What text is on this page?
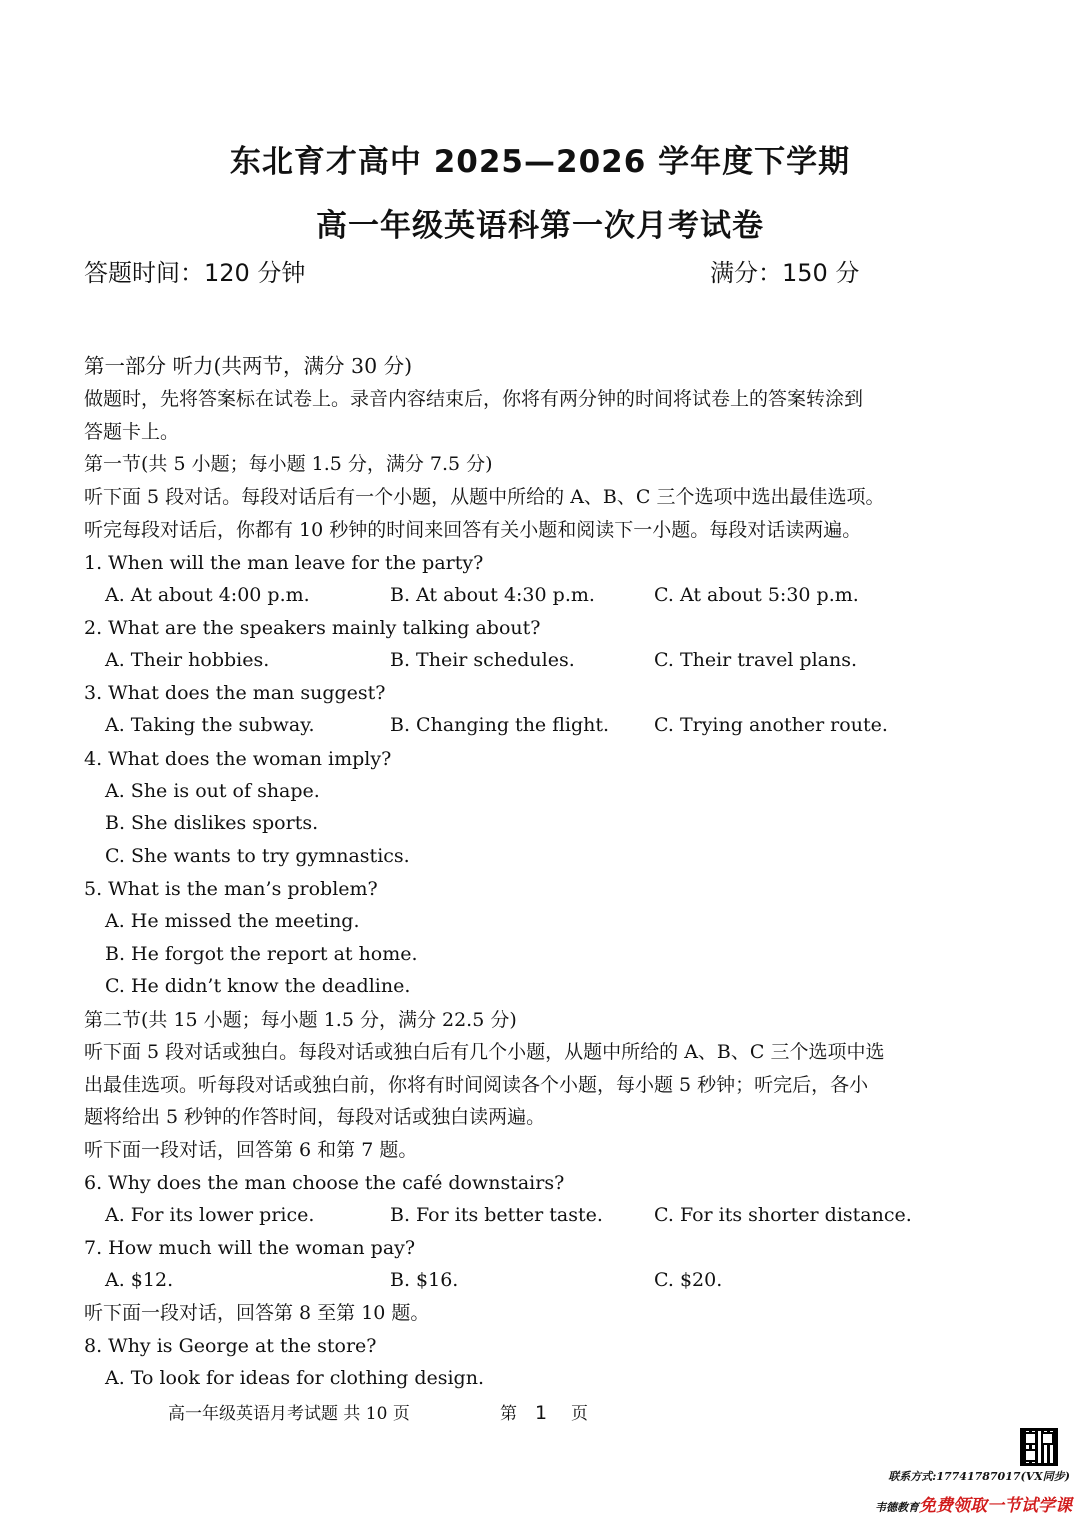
东北育才高中 2025—2026 学年度下学期
高一年级英语科第一次月考试卷
答题时间：120 分钟	满分：150 分
第一部分 听力(共两节，满分 30 分)
做题时，先将答案标在试卷上。录音内容结束后，你将有两分钟的时间将试卷上的答案转涂到
答题卡上。
第一节(共 5 小题；每小题 1.5 分，满分 7.5 分)
听下面 5 段对话。每段对话后有一个小题，从题中所给的 A、B、C 三个选项中选出最佳选项。
听完每段对话后，你都有 10 秒钟的时间来回答有关小题和阅读下一小题。每段对话读两遍。
1. When will the man leave for the party?
A. At about 4:00 p.m.	B. At about 4:30 p.m.	C. At about 5:30 p.m.
2. What are the speakers mainly talking about?
A. Their hobbies.	B. Their schedules.	C. Their travel plans.
3. What does the man suggest?
A. Taking the subway.	B. Changing the flight. C. Trying another route.
4. What does the woman imply?
A. She is out of shape.
B. She dislikes sports.
C. She wants to try gymnastics.
5. What is the man’s problem?
A. He missed the meeting.
B. He forgot the report at home.
C. He didn’t know the deadline.
第二节(共 15 小题；每小题 1.5 分，满分 22.5 分)
听下面 5 段对话或独白。每段对话或独白后有几个小题，从题中所给的 A、B、C 三个选项中选
出最佳选项。听每段对话或独白前，你将有时间阅读各个小题，每小题 5 秒钟；听完后，各小
题将给出 5 秒钟的作答时间，每段对话或独白读两遍。
听下面一段对话，回答第 6 和第 7 题。
6. Why does the man choose the café downstairs?
A. For its lower price.	B. For its better taste.	C. For its shorter distance.
7. How much will the woman pay?
A. $12.	B. $16.	C. $20.
听下面一段对话，回答第 8 至第 10 题。
8. Why is George at the store?
A. To look for ideas for clothing design.
高一年级英语月考试题 共 10 页	第 1 页
联系方式:17741787017(VX同步)
韦德教育免费领取一节试学课
